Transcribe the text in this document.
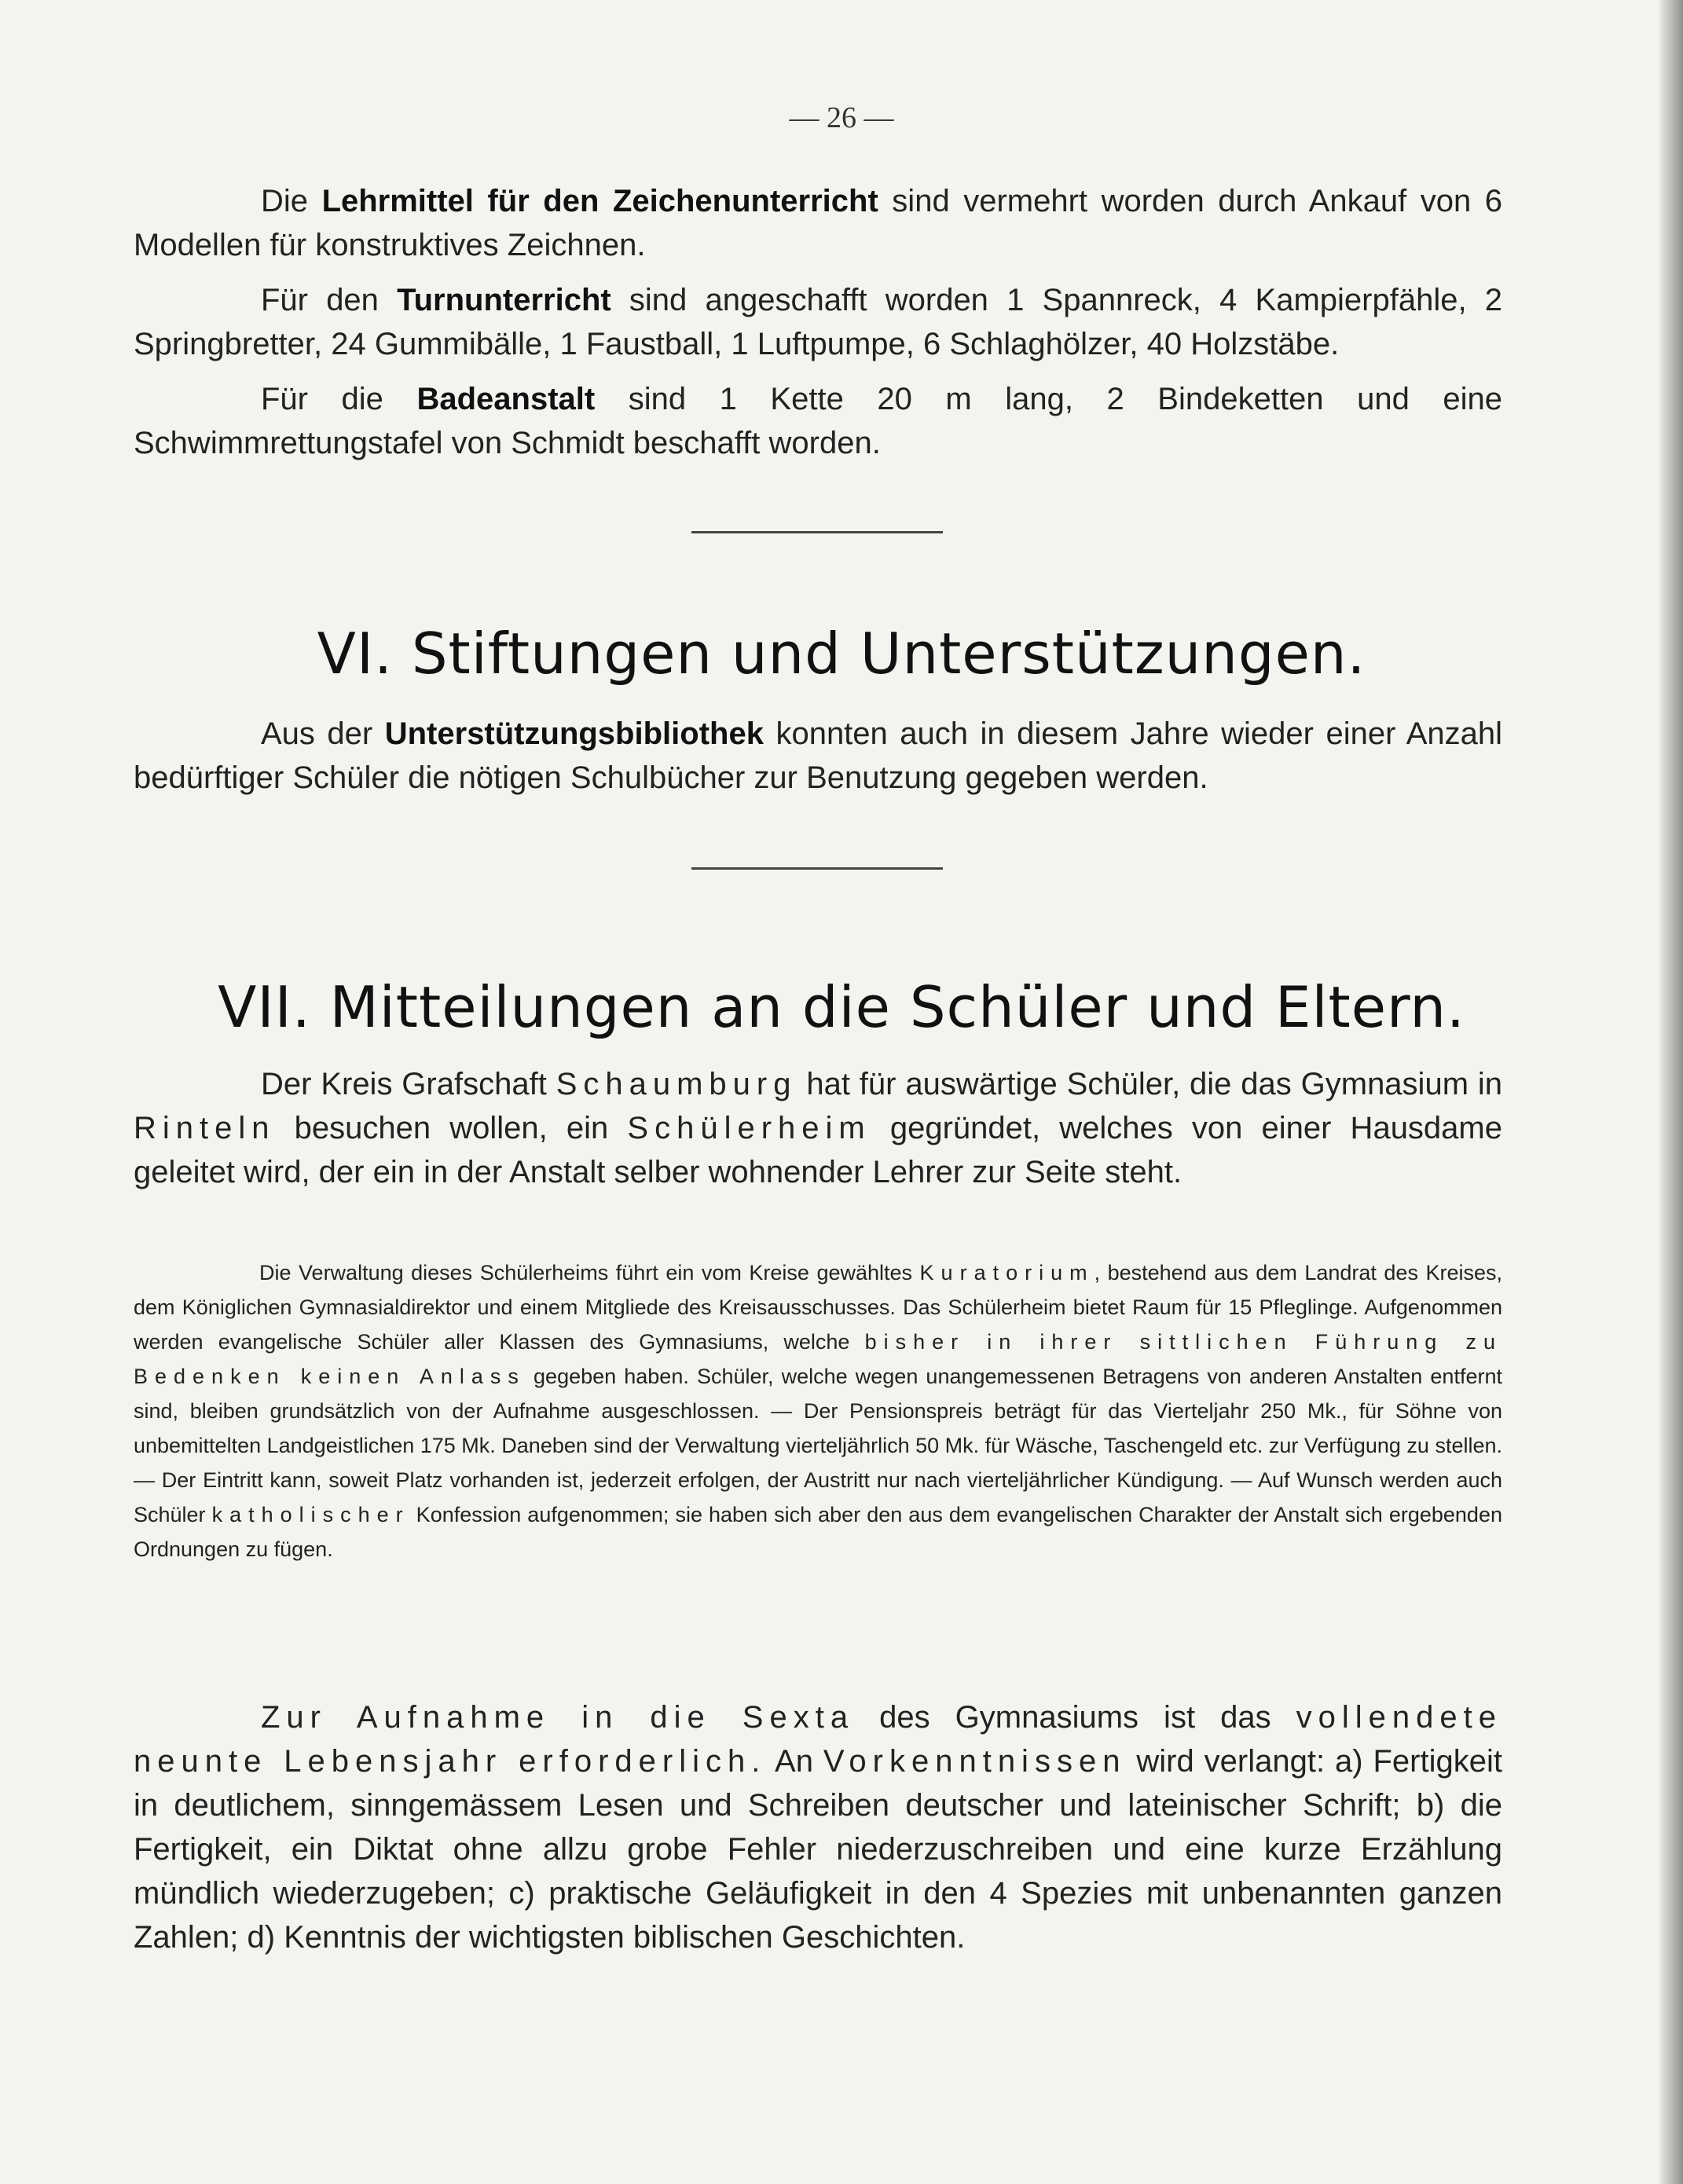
— 26 —

Die Lehrmittel für den Zeichenunterricht sind vermehrt worden durch Ankauf von 6 Modellen für konstruktives Zeichnen.

Für den Turnunterricht sind angeschafft worden 1 Spannreck, 4 Kampierpfähle, 2 Springbretter, 24 Gummibälle, 1 Faustball, 1 Luftpumpe, 6 Schlaghölzer, 40 Holzstäbe.

Für die Badeanstalt sind 1 Kette 20 m lang, 2 Bindeketten und eine Schwimmrettungstafel von Schmidt beschafft worden.

VI. Stiftungen und Unterstützungen.

Aus der Unterstützungsbibliothek konnten auch in diesem Jahre wieder einer Anzahl bedürftiger Schüler die nötigen Schulbücher zur Benutzung gegeben werden.

VII. Mitteilungen an die Schüler und Eltern.

Der Kreis Grafschaft Schaumburg hat für auswärtige Schüler, die das Gymnasium in Rinteln besuchen wollen, ein Schülerheim gegründet, welches von einer Hausdame geleitet wird, der ein in der Anstalt selber wohnender Lehrer zur Seite steht.

Die Verwaltung dieses Schülerheims führt ein vom Kreise gewähltes Kuratorium, bestehend aus dem Landrat des Kreises, dem Königlichen Gymnasialdirektor und einem Mitgliede des Kreisausschusses. Das Schülerheim bietet Raum für 15 Pfleglinge. Aufgenommen werden evangelische Schüler aller Klassen des Gymnasiums, welche bisher in ihrer sittlichen Führung zu Bedenken keinen Anlass gegeben haben. Schüler, welche wegen unangemessenen Betragens von anderen Anstalten entfernt sind, bleiben grundsätzlich von der Aufnahme ausgeschlossen. — Der Pensionspreis beträgt für das Vierteljahr 250 Mk., für Söhne von unbemittelten Landgeistlichen 175 Mk. Daneben sind der Verwaltung vierteljährlich 50 Mk. für Wäsche, Taschengeld etc. zur Verfügung zu stellen. — Der Eintritt kann, soweit Platz vorhanden ist, jederzeit erfolgen, der Austritt nur nach vierteljährlicher Kündigung. — Auf Wunsch werden auch Schüler katholischer Konfession aufgenommen; sie haben sich aber den aus dem evangelischen Charakter der Anstalt sich ergebenden Ordnungen zu fügen.

Zur Aufnahme in die Sexta des Gymnasiums ist das vollendete neunte Lebensjahr erforderlich. An Vorkenntnissen wird verlangt: a) Fertigkeit in deutlichem, sinngemässem Lesen und Schreiben deutscher und lateinischer Schrift; b) die Fertigkeit, ein Diktat ohne allzu grobe Fehler niederzuschreiben und eine kurze Erzählung mündlich wiederzugeben; c) praktische Geläufigkeit in den 4 Spezies mit unbenannten ganzen Zahlen; d) Kenntnis der wichtigsten biblischen Geschichten.
